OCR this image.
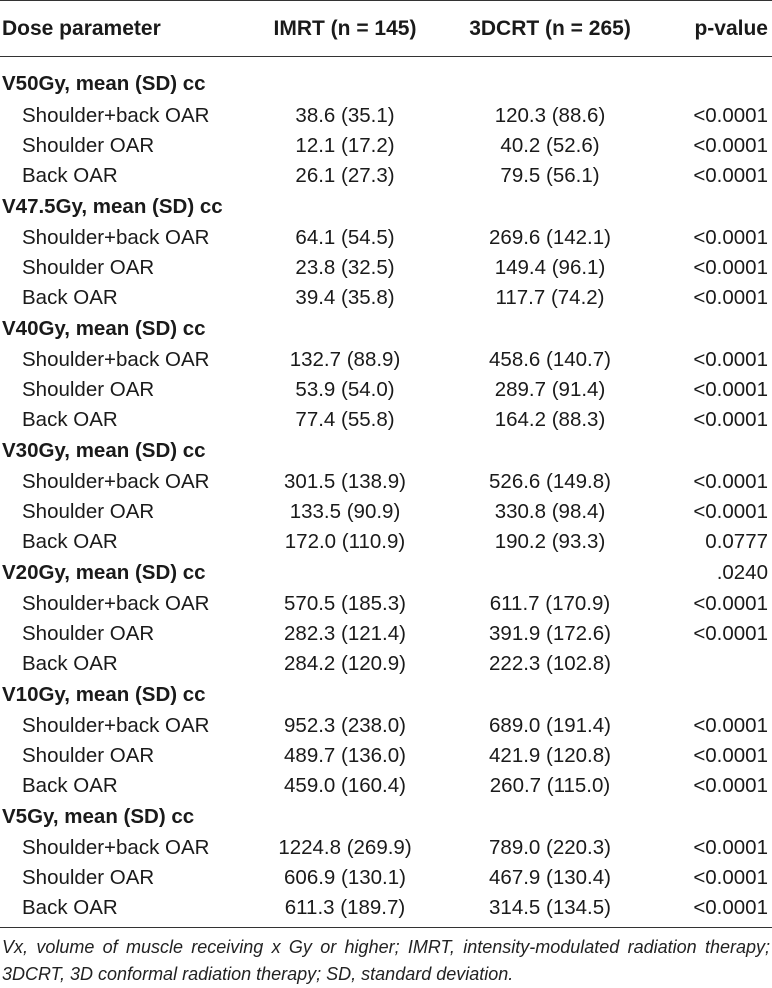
Dose parameter	IMRT (n = 145)	3DCRT (n = 265)	p-value
V50Gy, mean (SD) cc			
Shoulder+back OAR	38.6 (35.1)	120.3 (88.6)	<0.0001
Shoulder OAR	12.1 (17.2)	40.2 (52.6)	<0.0001
Back OAR	26.1 (27.3)	79.5 (56.1)	<0.0001
V47.5Gy, mean (SD) cc			
Shoulder+back OAR	64.1 (54.5)	269.6 (142.1)	<0.0001
Shoulder OAR	23.8 (32.5)	149.4 (96.1)	<0.0001
Back OAR	39.4 (35.8)	117.7 (74.2)	<0.0001
V40Gy, mean (SD) cc			
Shoulder+back OAR	132.7 (88.9)	458.6 (140.7)	<0.0001
Shoulder OAR	53.9 (54.0)	289.7 (91.4)	<0.0001
Back OAR	77.4 (55.8)	164.2 (88.3)	<0.0001
V30Gy, mean (SD) cc			
Shoulder+back OAR	301.5 (138.9)	526.6 (149.8)	<0.0001
Shoulder OAR	133.5 (90.9)	330.8 (98.4)	<0.0001
Back OAR	172.0 (110.9)	190.2 (93.3)	0.0777
V20Gy, mean (SD) cc			.0240
Shoulder+back OAR	570.5 (185.3)	611.7 (170.9)	<0.0001
Shoulder OAR	282.3 (121.4)	391.9 (172.6)	<0.0001
Back OAR	284.2 (120.9)	222.3 (102.8)	
V10Gy, mean (SD) cc			
Shoulder+back OAR	952.3 (238.0)	689.0 (191.4)	<0.0001
Shoulder OAR	489.7 (136.0)	421.9 (120.8)	<0.0001
Back OAR	459.0 (160.4)	260.7 (115.0)	<0.0001
V5Gy, mean (SD) cc			
Shoulder+back OAR	1224.8 (269.9)	789.0 (220.3)	<0.0001
Shoulder OAR	606.9 (130.1)	467.9 (130.4)	<0.0001
Back OAR	611.3 (189.7)	314.5 (134.5)	<0.0001
Vx, volume of muscle receiving x Gy or higher; IMRT, intensity-modulated radiation therapy; 3DCRT, 3D conformal radiation therapy; SD, standard deviation.
